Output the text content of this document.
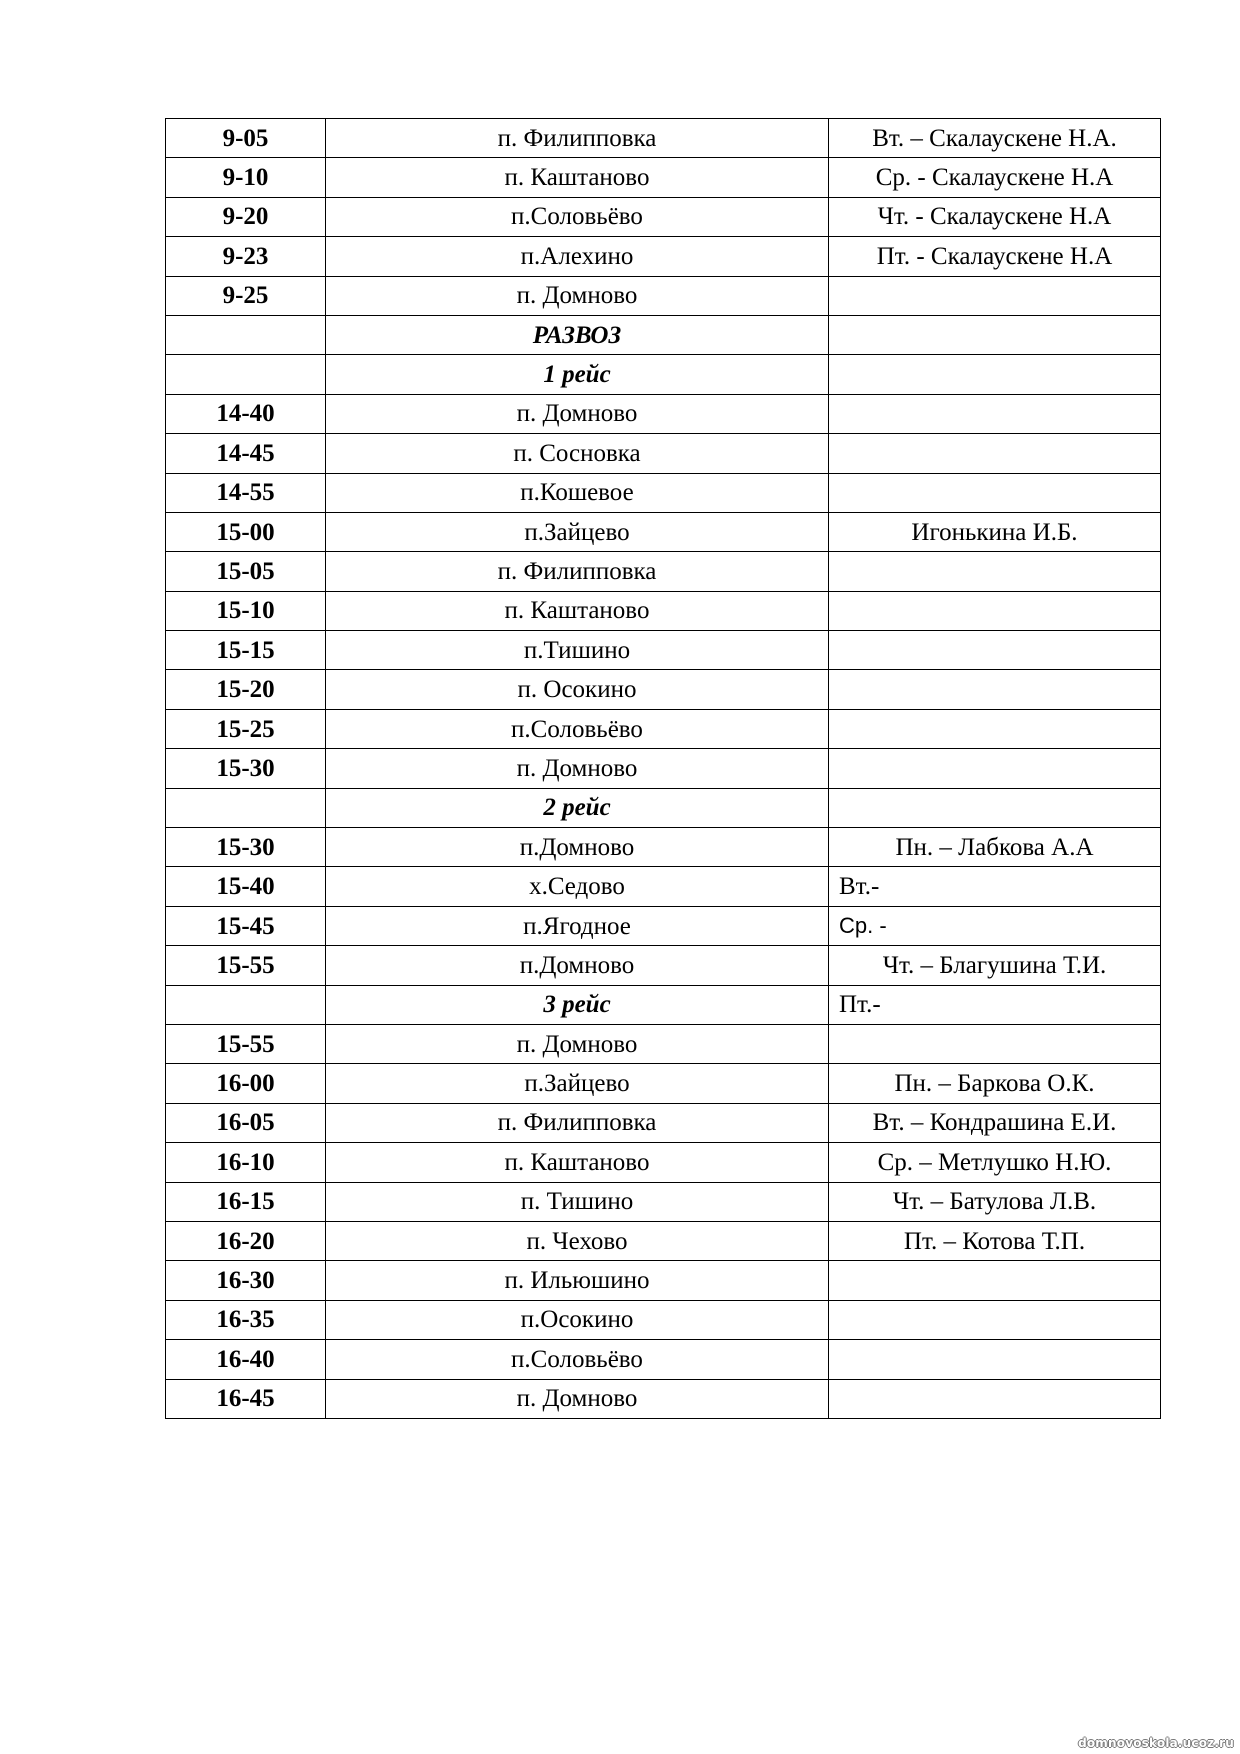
9-05	п. Филипповка	Вт. – Скалаускене Н.А.
9-10	п. Каштаново	Ср. - Скалаускене Н.А
9-20	п.Соловьёво	Чт. - Скалаускене Н.А
9-23	п.Алехино	Пт. - Скалаускене Н.А
9-25	п. Домново	
	РАЗВОЗ	
	1 рейс	
14-40	п. Домново	
14-45	п. Сосновка	
14-55	п.Кошевое	
15-00	п.Зайцево	Игонькина И.Б.
15-05	п. Филипповка	
15-10	п. Каштаново	
15-15	п.Тишино	
15-20	п. Осокино	
15-25	п.Соловьёво	
15-30	п. Домново	
	2 рейс	
15-30	п.Домново	Пн. – Лабкова А.А
15-40	х.Седово	Вт.-
15-45	п.Ягодное	Ср. -
15-55	п.Домново	Чт. – Благушина Т.И.
	3 рейс	Пт.-
15-55	п. Домново	
16-00	п.Зайцево	Пн. – Баркова О.К.
16-05	п. Филипповка	Вт. – Кондрашина Е.И.
16-10	п. Каштаново	Ср. – Метлушко Н.Ю.
16-15	п. Тишино	Чт. – Батулова Л.В.
16-20	п. Чехово	Пт. – Котова Т.П.
16-30	п. Ильюшино	
16-35	п.Осокино	
16-40	п.Соловьёво	
16-45	п. Домново	
domnovoskola.ucoz.ru
